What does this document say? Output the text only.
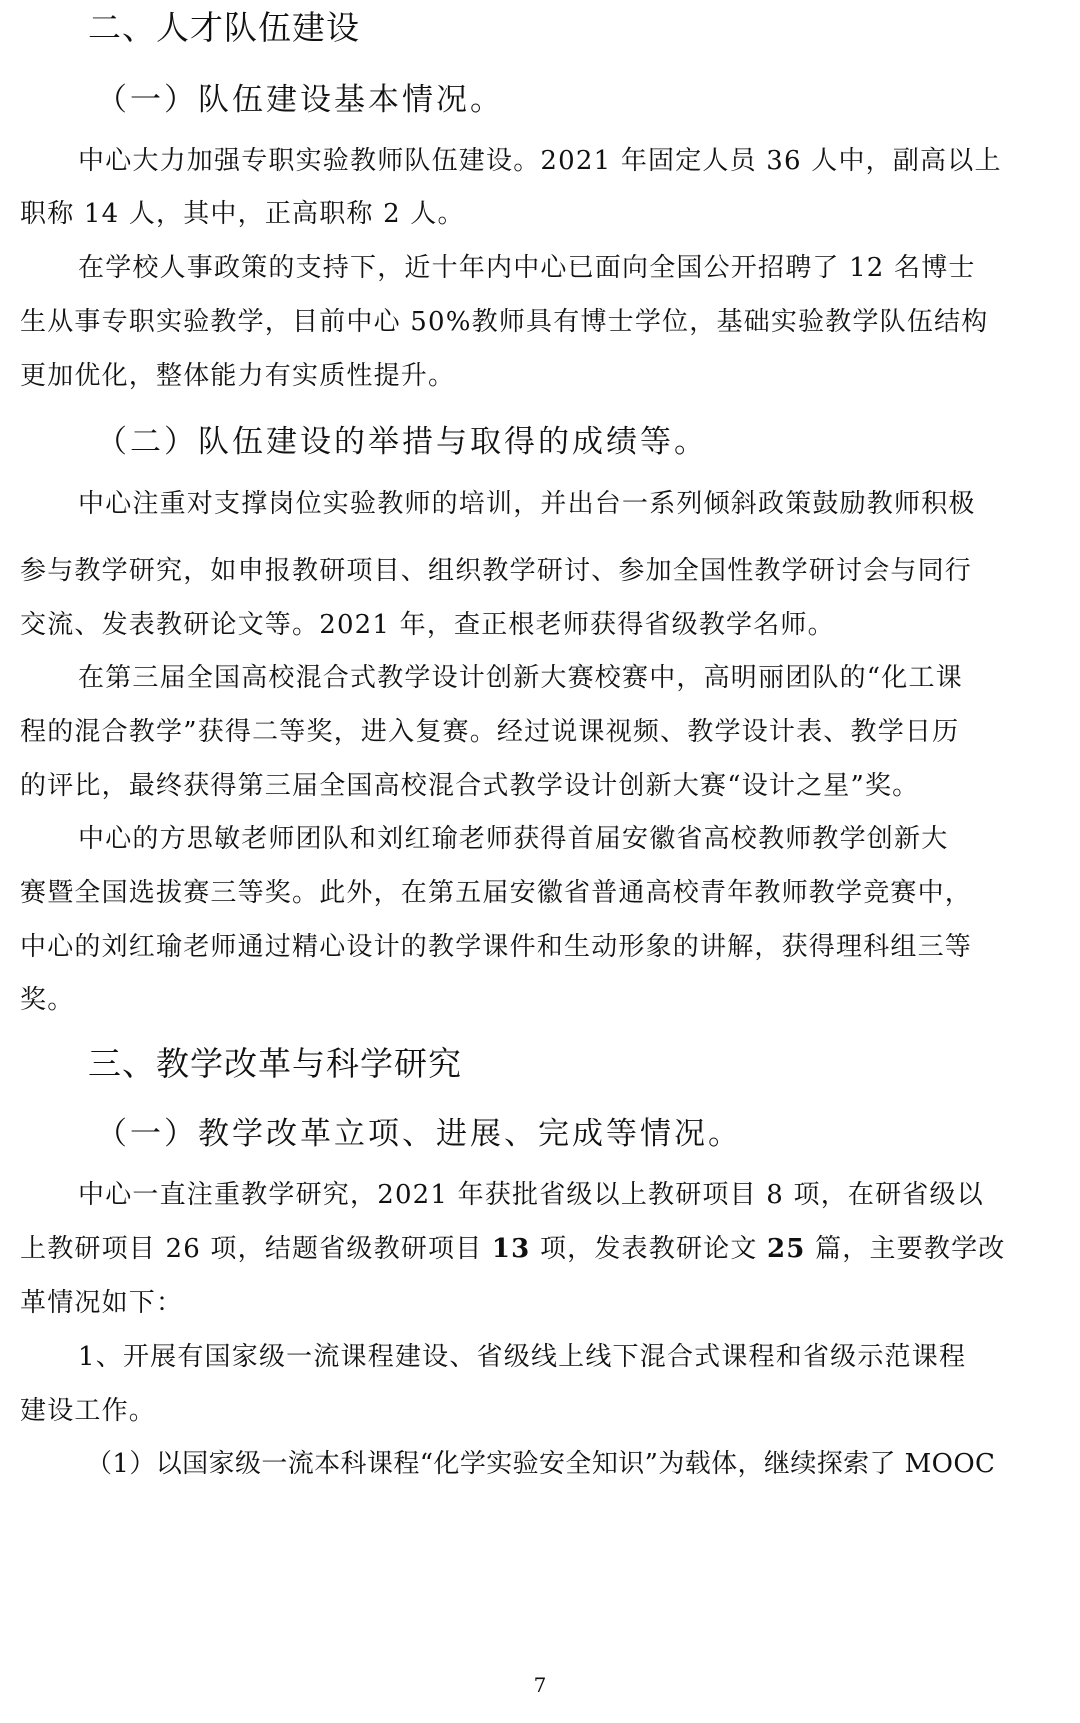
二、人才队伍建设
（一）队伍建设基本情况。
中心大力加强专职实验教师队伍建设。2021 年固定人员 36 人中，副高以上
职称 14 人，其中，正高职称 2 人。
在学校人事政策的支持下，近十年内中心已面向全国公开招聘了 12 名博士
生从事专职实验教学，目前中心 50%教师具有博士学位，基础实验教学队伍结构
更加优化，整体能力有实质性提升。
（二）队伍建设的举措与取得的成绩等。
中心注重对支撑岗位实验教师的培训，并出台一系列倾斜政策鼓励教师积极
参与教学研究，如申报教研项目、组织教学研讨、参加全国性教学研讨会与同行
交流、发表教研论文等。2021 年，查正根老师获得省级教学名师。
在第三届全国高校混合式教学设计创新大赛校赛中，高明丽团队的“化工课
程的混合教学”获得二等奖，进入复赛。经过说课视频、教学设计表、教学日历
的评比，最终获得第三届全国高校混合式教学设计创新大赛“设计之星”奖。
中心的方思敏老师团队和刘红瑜老师获得首届安徽省高校教师教学创新大
赛暨全国选拔赛三等奖。此外，在第五届安徽省普通高校青年教师教学竞赛中，
中心的刘红瑜老师通过精心设计的教学课件和生动形象的讲解，获得理科组三等
奖。
三、教学改革与科学研究
（一）教学改革立项、进展、完成等情况。
中心一直注重教学研究，2021 年获批省级以上教研项目 8 项，在研省级以
上教研项目 26 项，结题省级教研项目 13 项，发表教研论文 25 篇，主要教学改
革情况如下：
1、开展有国家级一流课程建设、省级线上线下混合式课程和省级示范课程
建设工作。
（1）以国家级一流本科课程“化学实验安全知识”为载体，继续探索了 MOOC
7
